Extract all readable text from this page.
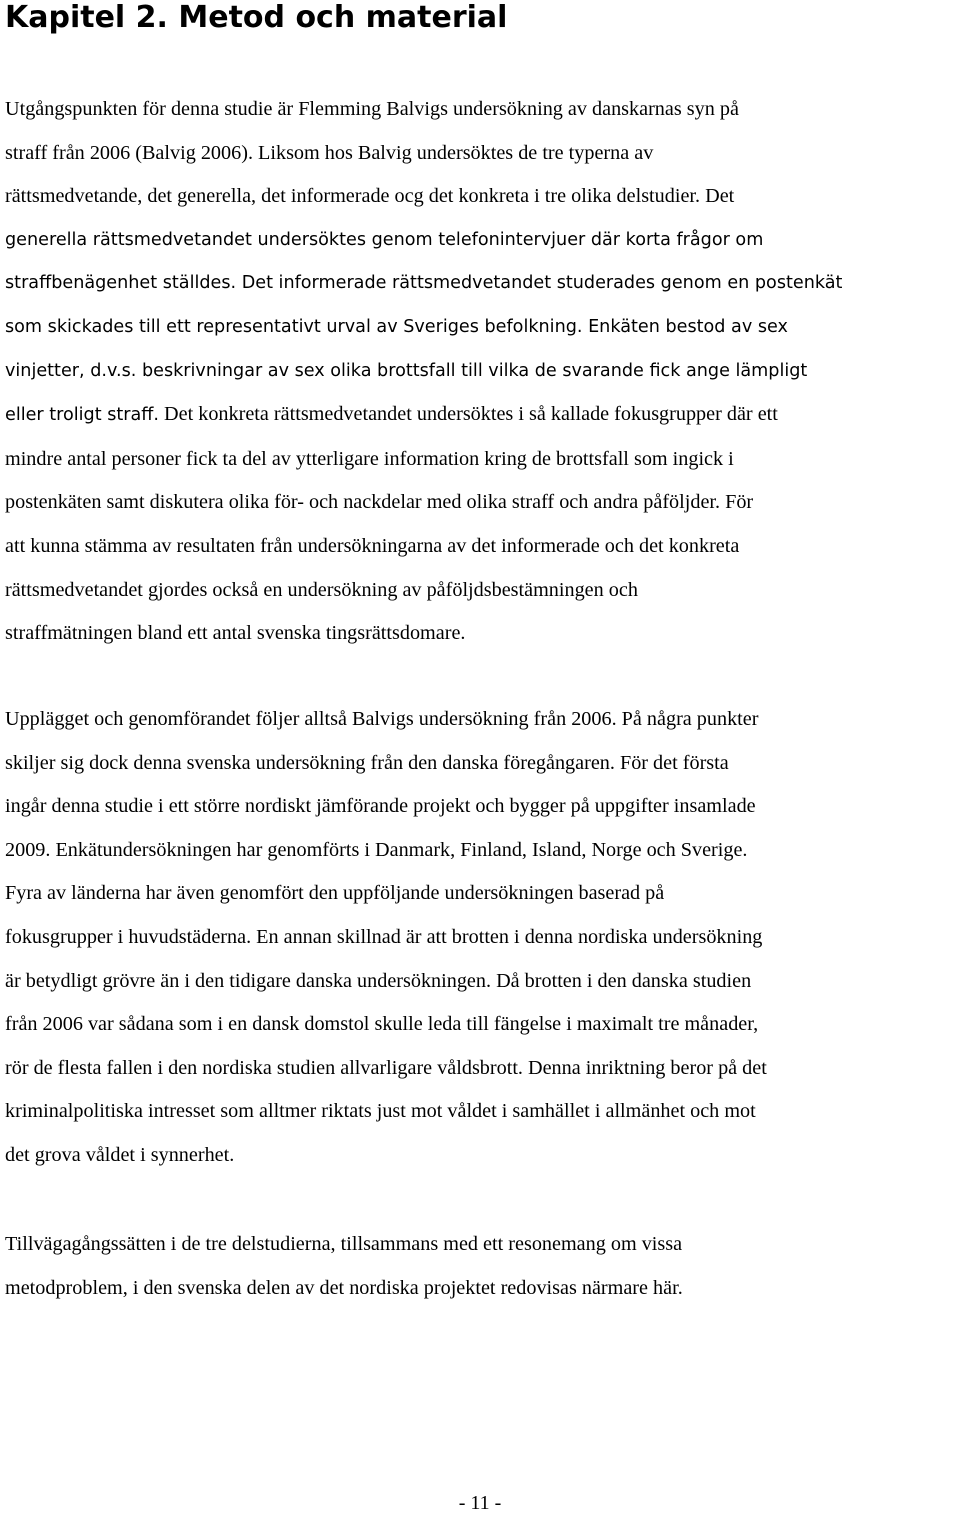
Kapitel 2. Metod och material
Utgångspunkten för denna studie är Flemming Balvigs undersökning av danskarnas syn på
straff från 2006 (Balvig 2006). Liksom hos Balvig undersöktes de tre typerna av
rättsmedvetande, det generella, det informerade ocg det konkreta i tre olika delstudier. Det
generella rättsmedvetandet undersöktes genom telefonintervjuer där korta frågor om
straffbenägenhet ställdes. Det informerade rättsmedvetandet studerades genom en postenkät
som skickades till ett representativt urval av Sveriges befolkning. Enkäten bestod av sex
vinjetter, d.v.s. beskrivningar av sex olika brottsfall till vilka de svarande fick ange lämpligt
eller troligt straff. Det konkreta rättsmedvetandet undersöktes i så kallade fokusgrupper där ett
mindre antal personer fick ta del av ytterligare information kring de brottsfall som ingick i
postenkäten samt diskutera olika för- och nackdelar med olika straff och andra påföljder. För
att kunna stämma av resultaten från undersökningarna av det informerade och det konkreta
rättsmedvetandet gjordes också en undersökning av påföljdsbestämningen och
straffmätningen bland ett antal svenska tingsrättsdomare.
Upplägget och genomförandet följer alltså Balvigs undersökning från 2006. På några punkter
skiljer sig dock denna svenska undersökning från den danska föregångaren. För det första
ingår denna studie i ett större nordiskt jämförande projekt och bygger på uppgifter insamlade
2009. Enkätundersökningen har genomförts i Danmark, Finland, Island, Norge och Sverige.
Fyra av länderna har även genomfört den uppföljande undersökningen baserad på
fokusgrupper i huvudstäderna. En annan skillnad är att brotten i denna nordiska undersökning
är betydligt grövre än i den tidigare danska undersökningen. Då brotten i den danska studien
från 2006 var sådana som i en dansk domstol skulle leda till fängelse i maximalt tre månader,
rör de flesta fallen i den nordiska studien allvarligare våldsbrott. Denna inriktning beror på det
kriminalpolitiska intresset som alltmer riktats just mot våldet i samhället i allmänhet och mot
det grova våldet i synnerhet.
Tillvägagångssätten i de tre delstudierna, tillsammans med ett resonemang om vissa
metodproblem, i den svenska delen av det nordiska projektet redovisas närmare här.

- 11 -
